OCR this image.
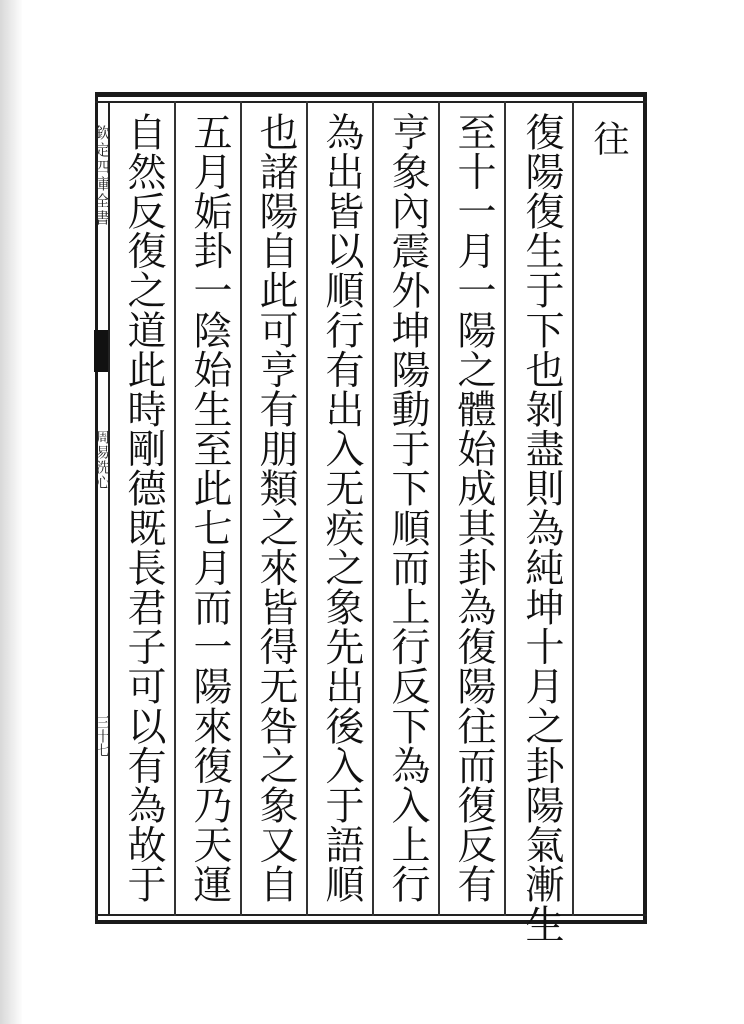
欽定四庫全書
周易洗心
三十七
往
復陽復生于下也剝盡則為純坤十月之卦陽氣漸生
至十一月一陽之體始成其卦為復陽往而復反有
亨象內震外坤陽動于下順而上行反下為入上行
為出皆以順行有出入无疾之象先出後入于語順
也諸陽自此可亨有朋類之來皆得无咎之象又自
五月姤卦一陰始生至此七月而一陽來復乃天運
自然反復之道此時剛德既長君子可以有為故于
